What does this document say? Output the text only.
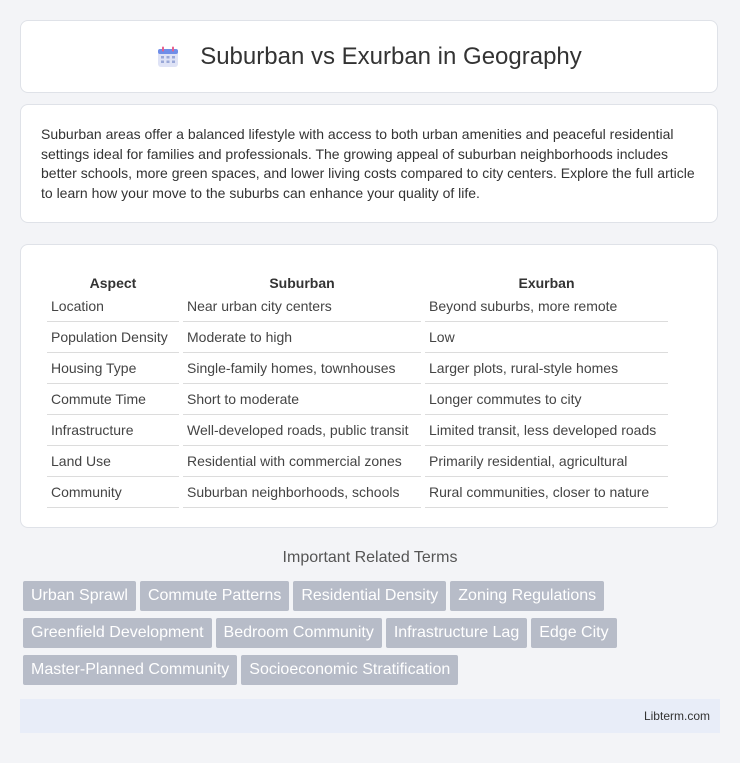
Suburban vs Exurban in Geography

Suburban areas offer a balanced lifestyle with access to both urban amenities and peaceful residential settings ideal for families and professionals. The growing appeal of suburban neighborhoods includes better schools, more green spaces, and lower living costs compared to city centers. Explore the full article to learn how your move to the suburbs can enhance your quality of life.

Aspect	Suburban	Exurban
Location	Near urban city centers	Beyond suburbs, more remote
Population Density	Moderate to high	Low
Housing Type	Single-family homes, townhouses	Larger plots, rural-style homes
Commute Time	Short to moderate	Longer commutes to city
Infrastructure	Well-developed roads, public transit	Limited transit, less developed roads
Land Use	Residential with commercial zones	Primarily residential, agricultural
Community	Suburban neighborhoods, schools	Rural communities, closer to nature
Important Related Terms
Urban Sprawl Commute Patterns Residential Density Zoning Regulations
Greenfield Development Bedroom Community Infrastructure Lag Edge City
Master-Planned Community Socioeconomic Stratification
Libterm.com
